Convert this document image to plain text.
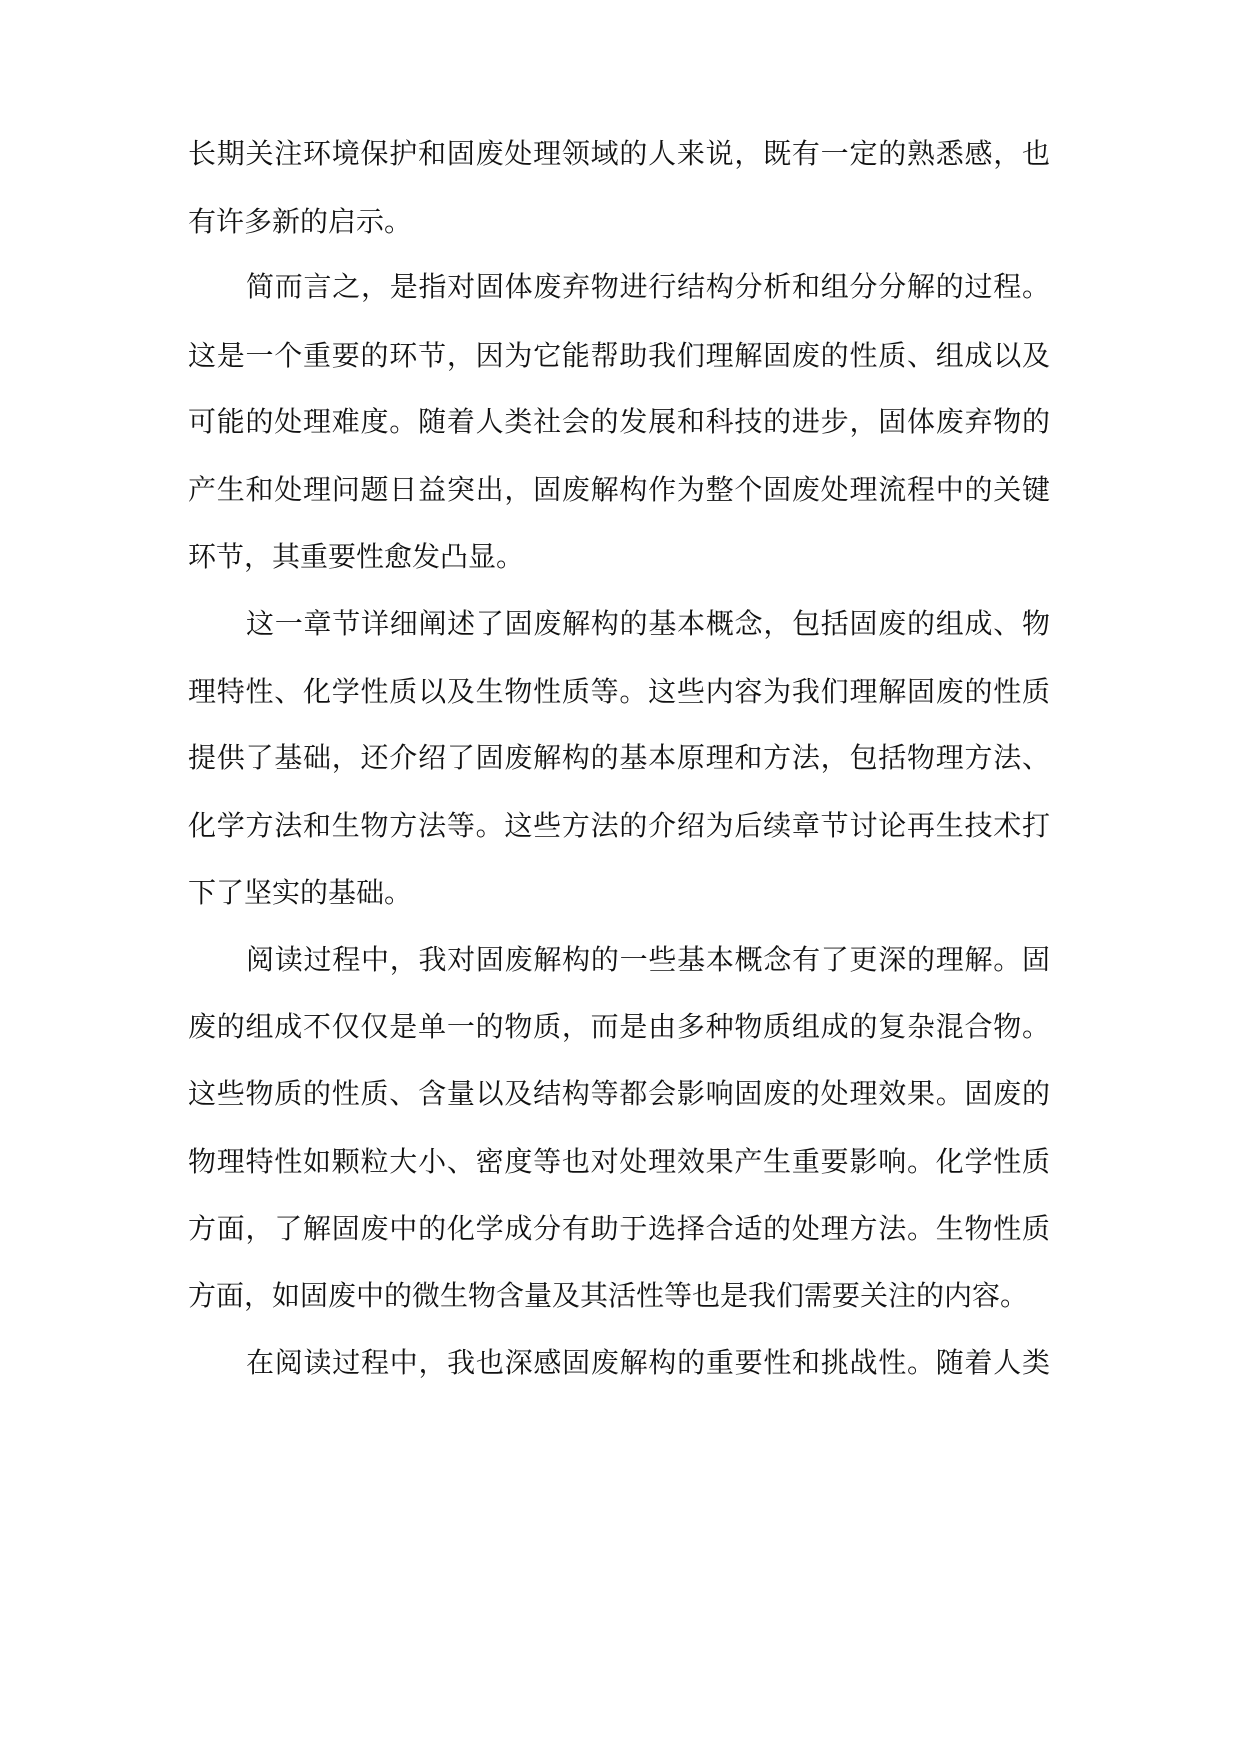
长期关注环境保护和固废处理领域的人来说，既有一定的熟悉感，也
有许多新的启示。
简而言之，是指对固体废弃物进行结构分析和组分分解的过程。
这是一个重要的环节，因为它能帮助我们理解固废的性质、组成以及
可能的处理难度。随着人类社会的发展和科技的进步，固体废弃物的
产生和处理问题日益突出，固废解构作为整个固废处理流程中的关键
环节，其重要性愈发凸显。
这一章节详细阐述了固废解构的基本概念，包括固废的组成、物
理特性、化学性质以及生物性质等。这些内容为我们理解固废的性质
提供了基础，还介绍了固废解构的基本原理和方法，包括物理方法、
化学方法和生物方法等。这些方法的介绍为后续章节讨论再生技术打
下了坚实的基础。
阅读过程中，我对固废解构的一些基本概念有了更深的理解。固
废的组成不仅仅是单一的物质，而是由多种物质组成的复杂混合物。
这些物质的性质、含量以及结构等都会影响固废的处理效果。固废的
物理特性如颗粒大小、密度等也对处理效果产生重要影响。化学性质
方面，了解固废中的化学成分有助于选择合适的处理方法。生物性质
方面，如固废中的微生物含量及其活性等也是我们需要关注的内容。
在阅读过程中，我也深感固废解构的重要性和挑战性。随着人类
